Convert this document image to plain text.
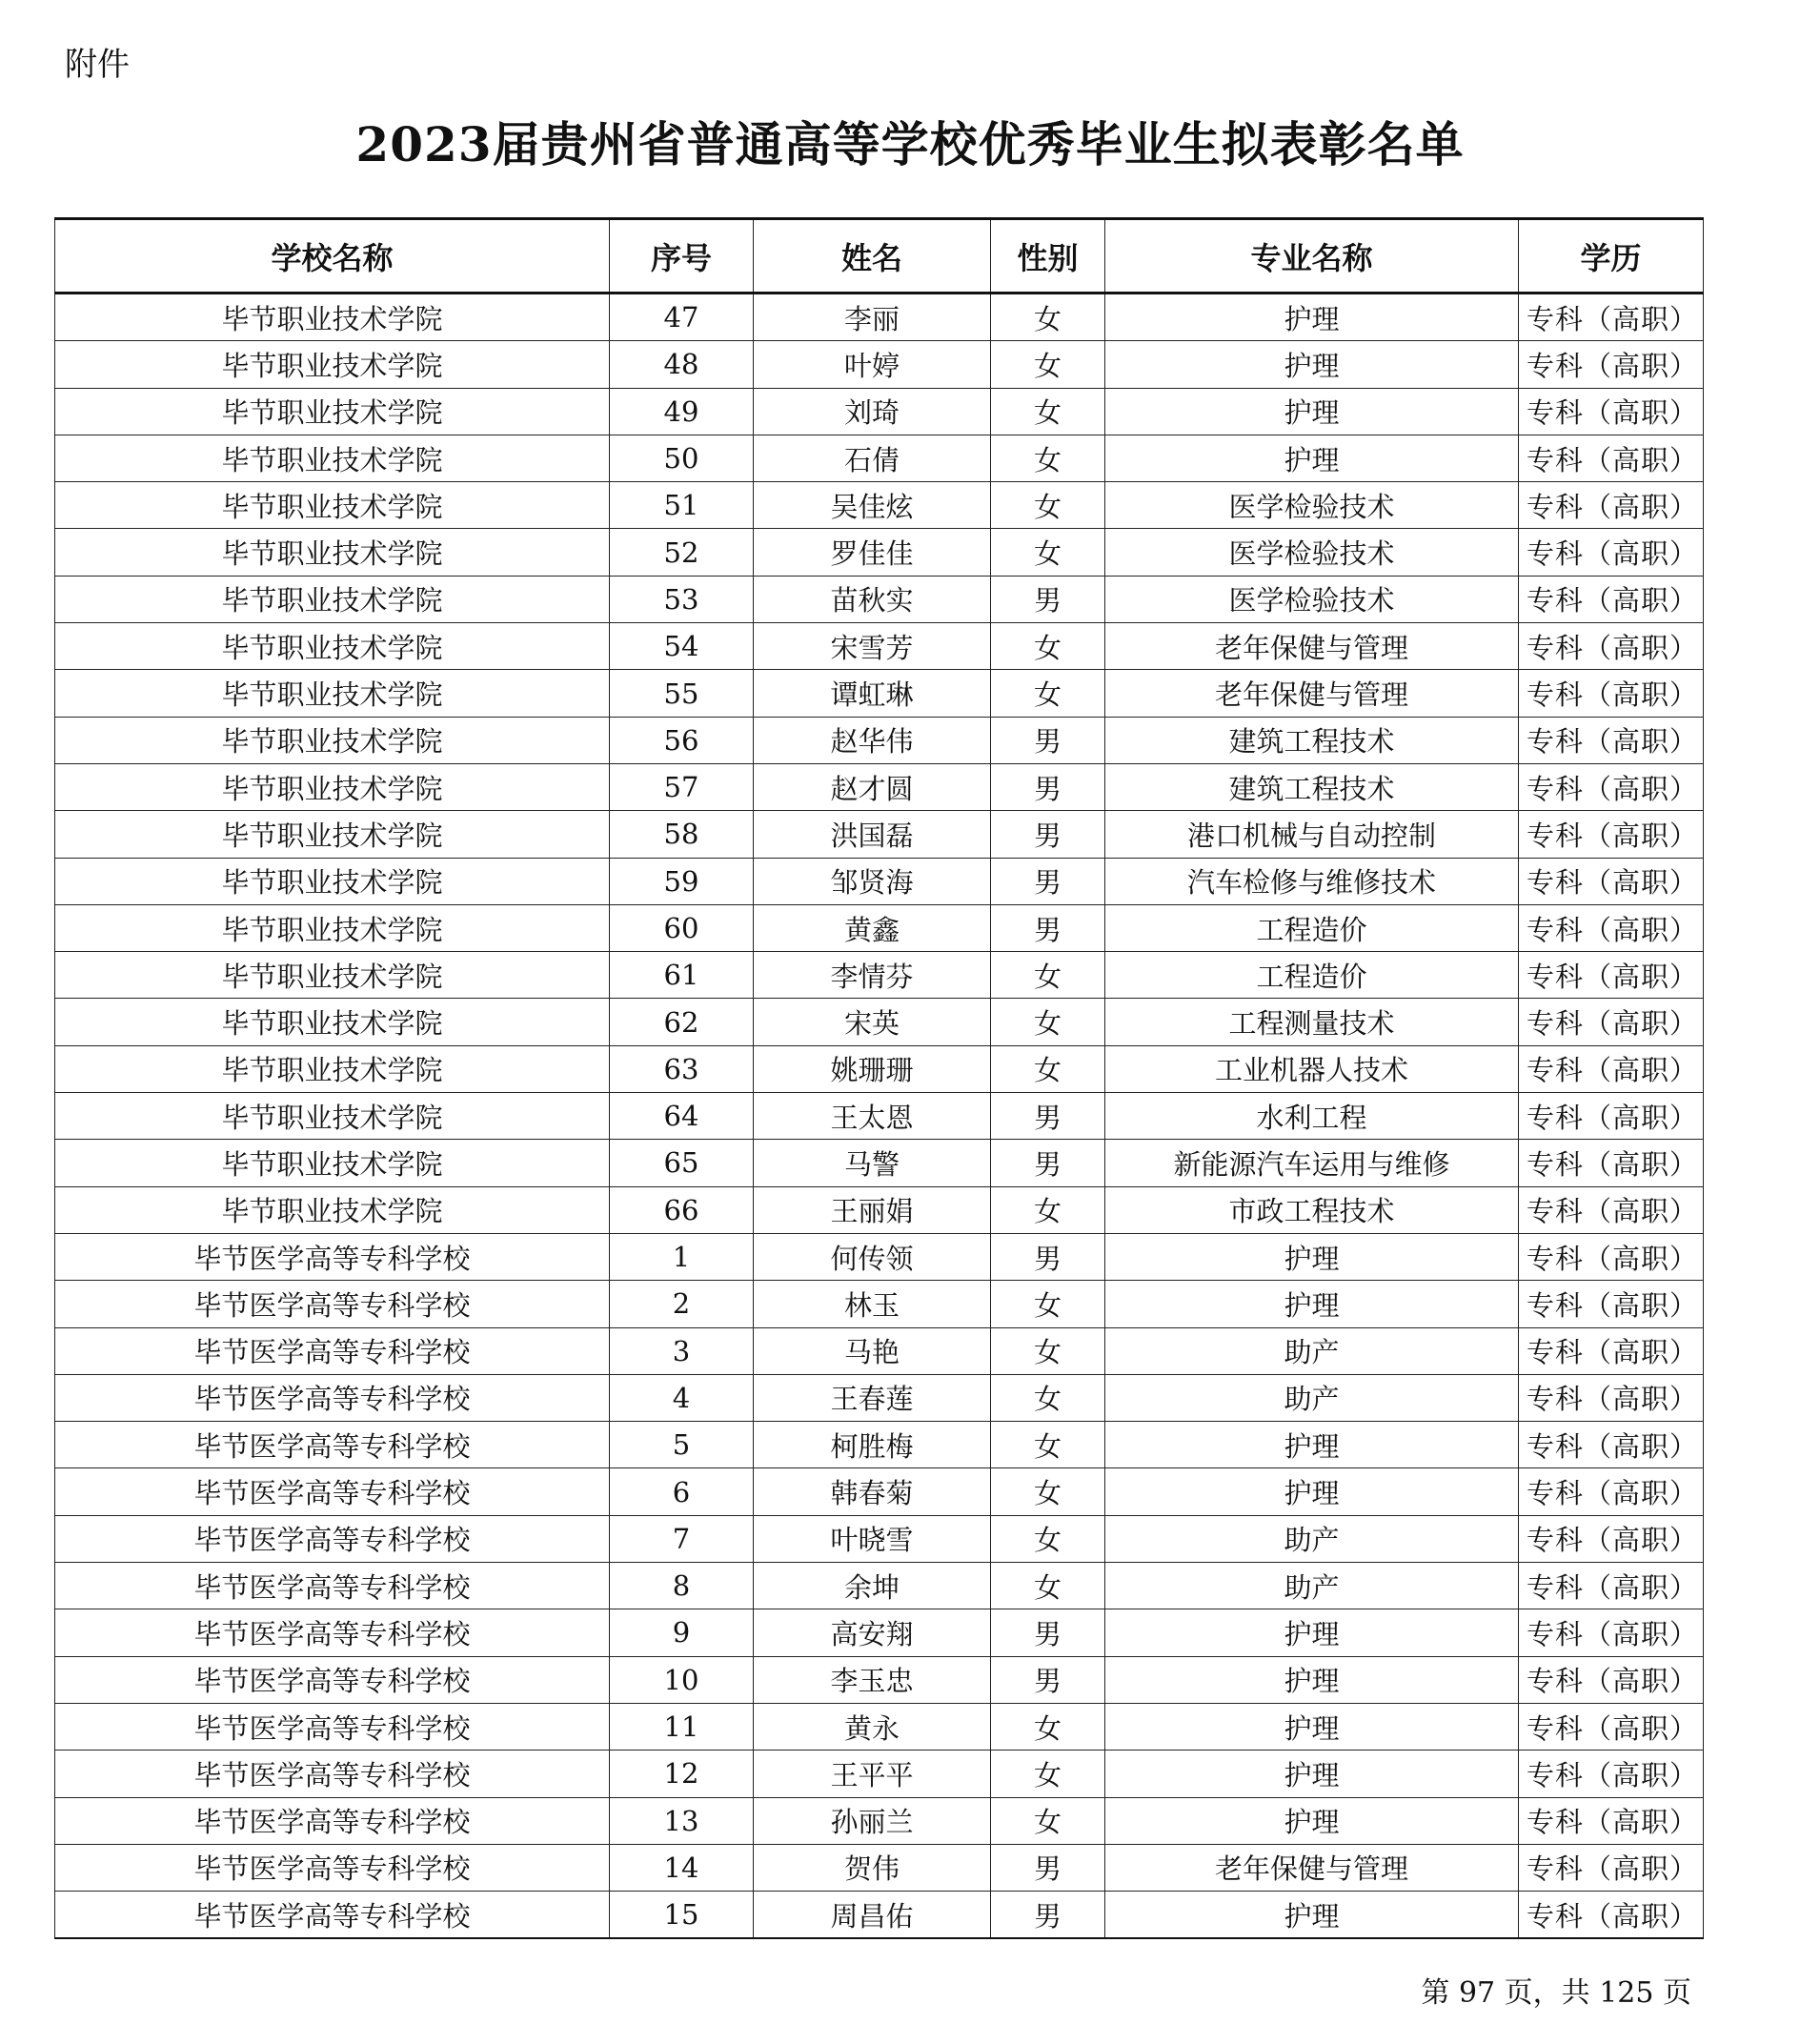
附件
2023届贵州省普通高等学校优秀毕业生拟表彰名单
学校名称	序号	姓名	性别	专业名称	学历
毕节职业技术学院	47	李丽	女	护理	专科（高职）
毕节职业技术学院	48	叶婷	女	护理	专科（高职）
毕节职业技术学院	49	刘琦	女	护理	专科（高职）
毕节职业技术学院	50	石倩	女	护理	专科（高职）
毕节职业技术学院	51	吴佳炫	女	医学检验技术	专科（高职）
毕节职业技术学院	52	罗佳佳	女	医学检验技术	专科（高职）
毕节职业技术学院	53	苗秋实	男	医学检验技术	专科（高职）
毕节职业技术学院	54	宋雪芳	女	老年保健与管理	专科（高职）
毕节职业技术学院	55	谭虹琳	女	老年保健与管理	专科（高职）
毕节职业技术学院	56	赵华伟	男	建筑工程技术	专科（高职）
毕节职业技术学院	57	赵才圆	男	建筑工程技术	专科（高职）
毕节职业技术学院	58	洪国磊	男	港口机械与自动控制	专科（高职）
毕节职业技术学院	59	邹贤海	男	汽车检修与维修技术	专科（高职）
毕节职业技术学院	60	黄鑫	男	工程造价	专科（高职）
毕节职业技术学院	61	李情芬	女	工程造价	专科（高职）
毕节职业技术学院	62	宋英	女	工程测量技术	专科（高职）
毕节职业技术学院	63	姚珊珊	女	工业机器人技术	专科（高职）
毕节职业技术学院	64	王太恩	男	水利工程	专科（高职）
毕节职业技术学院	65	马警	男	新能源汽车运用与维修	专科（高职）
毕节职业技术学院	66	王丽娟	女	市政工程技术	专科（高职）
毕节医学高等专科学校	1	何传领	男	护理	专科（高职）
毕节医学高等专科学校	2	林玉	女	护理	专科（高职）
毕节医学高等专科学校	3	马艳	女	助产	专科（高职）
毕节医学高等专科学校	4	王春莲	女	助产	专科（高职）
毕节医学高等专科学校	5	柯胜梅	女	护理	专科（高职）
毕节医学高等专科学校	6	韩春菊	女	护理	专科（高职）
毕节医学高等专科学校	7	叶晓雪	女	助产	专科（高职）
毕节医学高等专科学校	8	余坤	女	助产	专科（高职）
毕节医学高等专科学校	9	高安翔	男	护理	专科（高职）
毕节医学高等专科学校	10	李玉忠	男	护理	专科（高职）
毕节医学高等专科学校	11	黄永	女	护理	专科（高职）
毕节医学高等专科学校	12	王平平	女	护理	专科（高职）
毕节医学高等专科学校	13	孙丽兰	女	护理	专科（高职）
毕节医学高等专科学校	14	贺伟	男	老年保健与管理	专科（高职）
毕节医学高等专科学校	15	周昌佑	男	护理	专科（高职）
第 97 页，共 125 页
